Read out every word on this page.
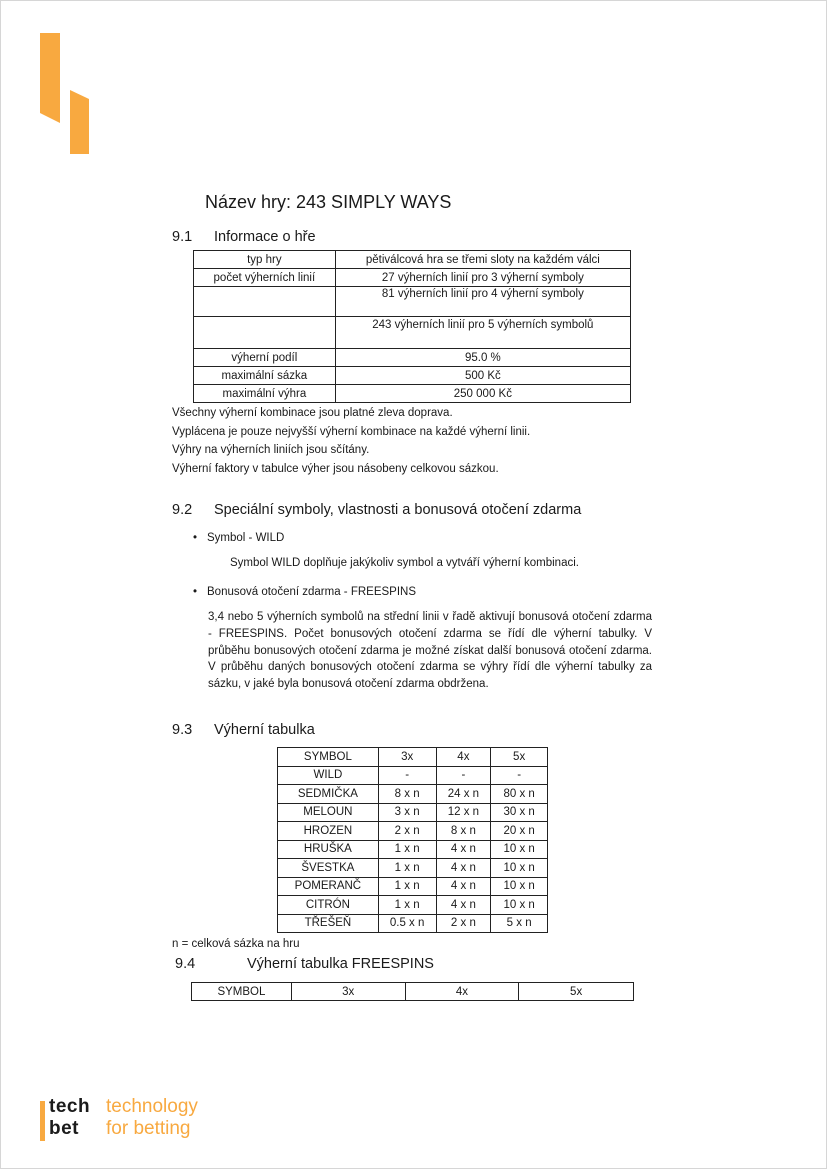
Název hry: 243 SIMPLY WAYS
9.1 Informace o hře
typ hry	pětiválcová hra se třemi sloty na každém válci
počet výherních linií	27 výherních linií pro 3 výherní symboly
	81 výherních linií pro 4 výherní symboly
	243 výherních linií pro 5 výherních symbolů
výherní podíl	95.0 %
maximální sázka	500 Kč
maximální výhra	250 000 Kč
Všechny výherní kombinace jsou platné zleva doprava.
Vyplácena je pouze nejvyšší výherní kombinace na každé výherní linii.
Výhry na výherních liniích jsou sčítány.
Výherní faktory v tabulce výher jsou násobeny celkovou sázkou.
9.2 Speciální symboly, vlastnosti a bonusová otočení zdarma
• Symbol - WILD
Symbol WILD doplňuje jakýkoliv symbol a vytváří výherní kombinaci.
• Bonusová otočení zdarma - FREESPINS
3,4 nebo 5 výherních symbolů na střední linii v řadě aktivují bonusová otočení zdarma - FREESPINS. Počet bonusových otočení zdarma se řídí dle výherní tabulky. V průběhu bonusových otočení zdarma je možné získat další bonusová otočení zdarma. V průběhu daných bonusových otočení zdarma se výhry řídí dle výherní tabulky za sázku, v jaké byla bonusová otočení zdarma obdržena.
9.3 Výherní tabulka
SYMBOL	3x	4x	5x
WILD	-	-	-
SEDMIČKA	8 x n	24 x n	80 x n
MELOUN	3 x n	12 x n	30 x n
HROZEN	2 x n	8 x n	20 x n
HRUŠKA	1 x n	4 x n	10 x n
ŠVESTKA	1 x n	4 x n	10 x n
POMERANČ	1 x n	4 x n	10 x n
CITRÓN	1 x n	4 x n	10 x n
TŘEŠEŇ	0.5 x n	2 x n	5 x n
n = celková sázka na hru
9.4	Výherní tabulka FREESPINS
SYMBOL	3x	4x	5x
tech
bet
technology
for betting
